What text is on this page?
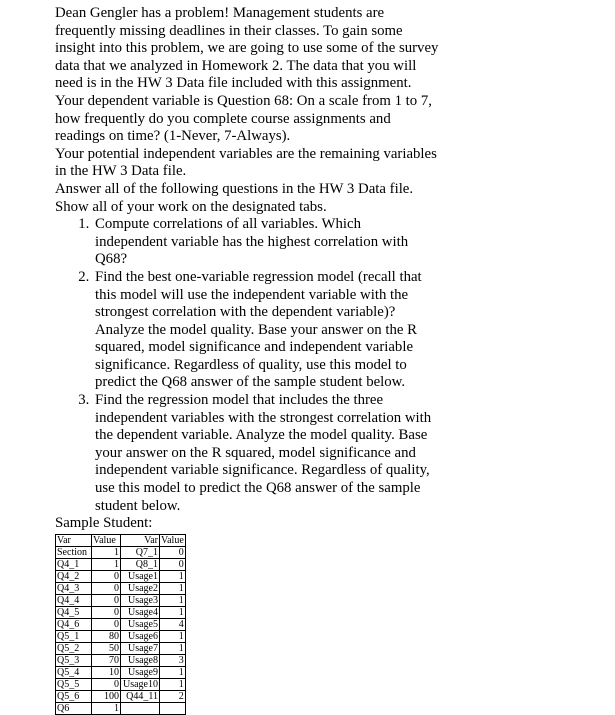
Dean Gengler has a problem! Management students are frequently missing deadlines in their classes. To gain some insight into this problem, we are going to use some of the survey data that we analyzed in Homework 2. The data that you will need is in the HW 3 Data file included with this assignment. Your dependent variable is Question 68: On a scale from 1 to 7, how frequently do you complete course assignments and readings on time? (1-Never, 7-Always).

Your potential independent variables are the remaining variables in the HW 3 Data file.

Answer all of the following questions in the HW 3 Data file. Show all of your work on the designated tabs.

1. Compute correlations of all variables. Which independent variable has the highest correlation with Q68?
2. Find the best one-variable regression model (recall that this model will use the independent variable with the strongest correlation with the dependent variable)? Analyze the model quality. Base your answer on the R squared, model significance and independent variable significance. Regardless of quality, use this model to predict the Q68 answer of the sample student below.
3. Find the regression model that includes the three independent variables with the strongest correlation with the dependent variable. Analyze the model quality. Base your answer on the R squared, model significance and independent variable significance. Regardless of quality, use this model to predict the Q68 answer of the sample student below.

Sample Student:

Var	Value	Var	Value
Section	1	Q7_1	0
Q4_1	1	Q8_1	0
Q4_2	0	Usage1	1
Q4_3	0	Usage2	1
Q4_4	0	Usage3	1
Q4_5	0	Usage4	1
Q4_6	0	Usage5	4
Q5_1	80	Usage6	1
Q5_2	50	Usage7	1
Q5_3	70	Usage8	3
Q5_4	10	Usage9	1
Q5_5	0	Usage10	1
Q5_6	100	Q44_11	2
Q6	1		
